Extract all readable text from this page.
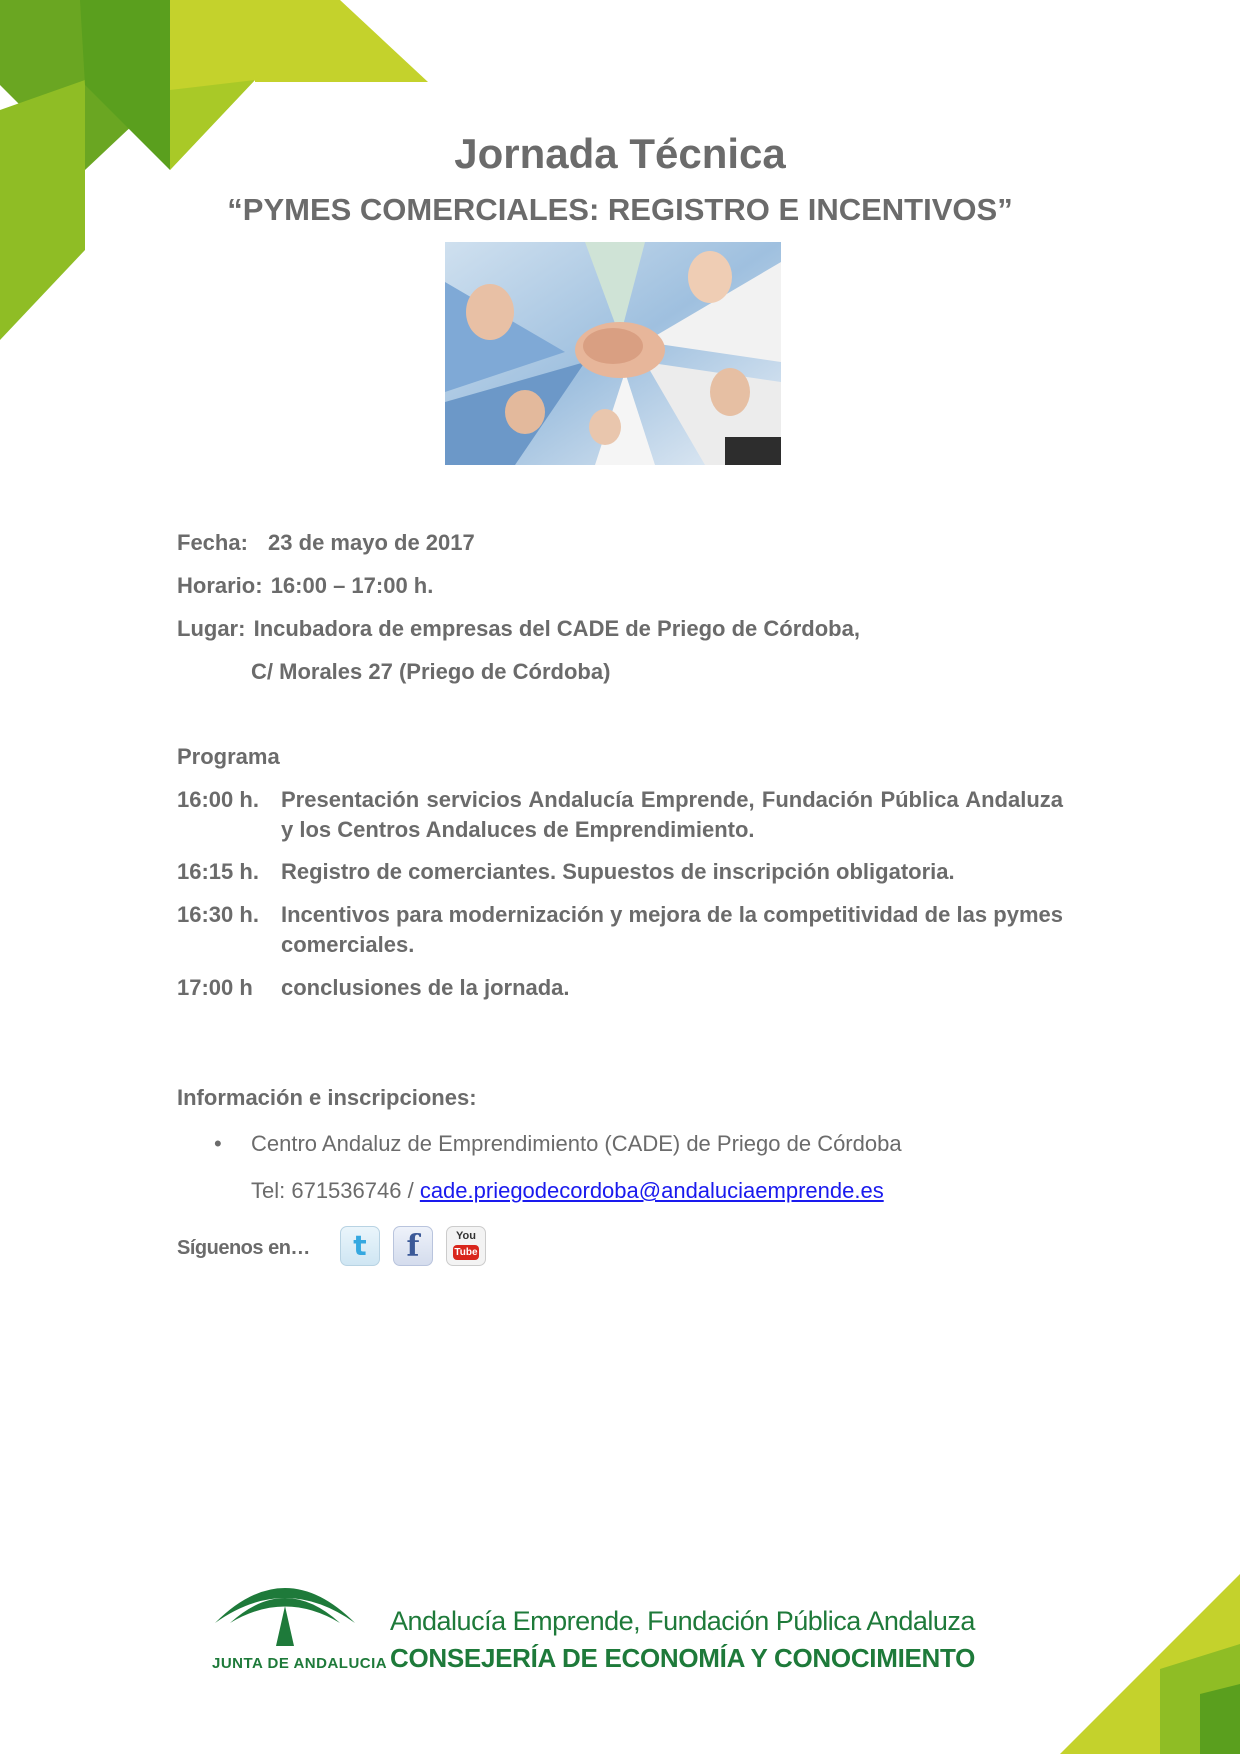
Jornada Técnica
“PYMES COMERCIALES: REGISTRO E INCENTIVOS”
Fecha: 23 de mayo de 2017
Horario: 16:00 – 17:00 h.
Lugar: Incubadora de empresas del CADE de Priego de Córdoba,
C/ Morales 27 (Priego de Córdoba)
Programa
16:00 h.	Presentación servicios Andalucía Emprende, Fundación Pública Andaluza y los Centros Andaluces de Emprendimiento.
16:15 h.	Registro de comerciantes. Supuestos de inscripción obligatoria.
16:30 h.	Incentivos para modernización y mejora de la competitividad de las pymes comerciales.
17:00 h	conclusiones de la jornada.
Información e inscripciones:
• Centro Andaluz de Emprendimiento (CADE) de Priego de Córdoba
Tel: 671536746 / cade.priegodecordoba@andaluciaemprende.es
Síguenos en…	t	f	You
Tube
JUNTA DE ANDALUCIA
Andalucía Emprende, Fundación Pública Andaluza
CONSEJERÍA DE ECONOMÍA Y CONOCIMIENTO
